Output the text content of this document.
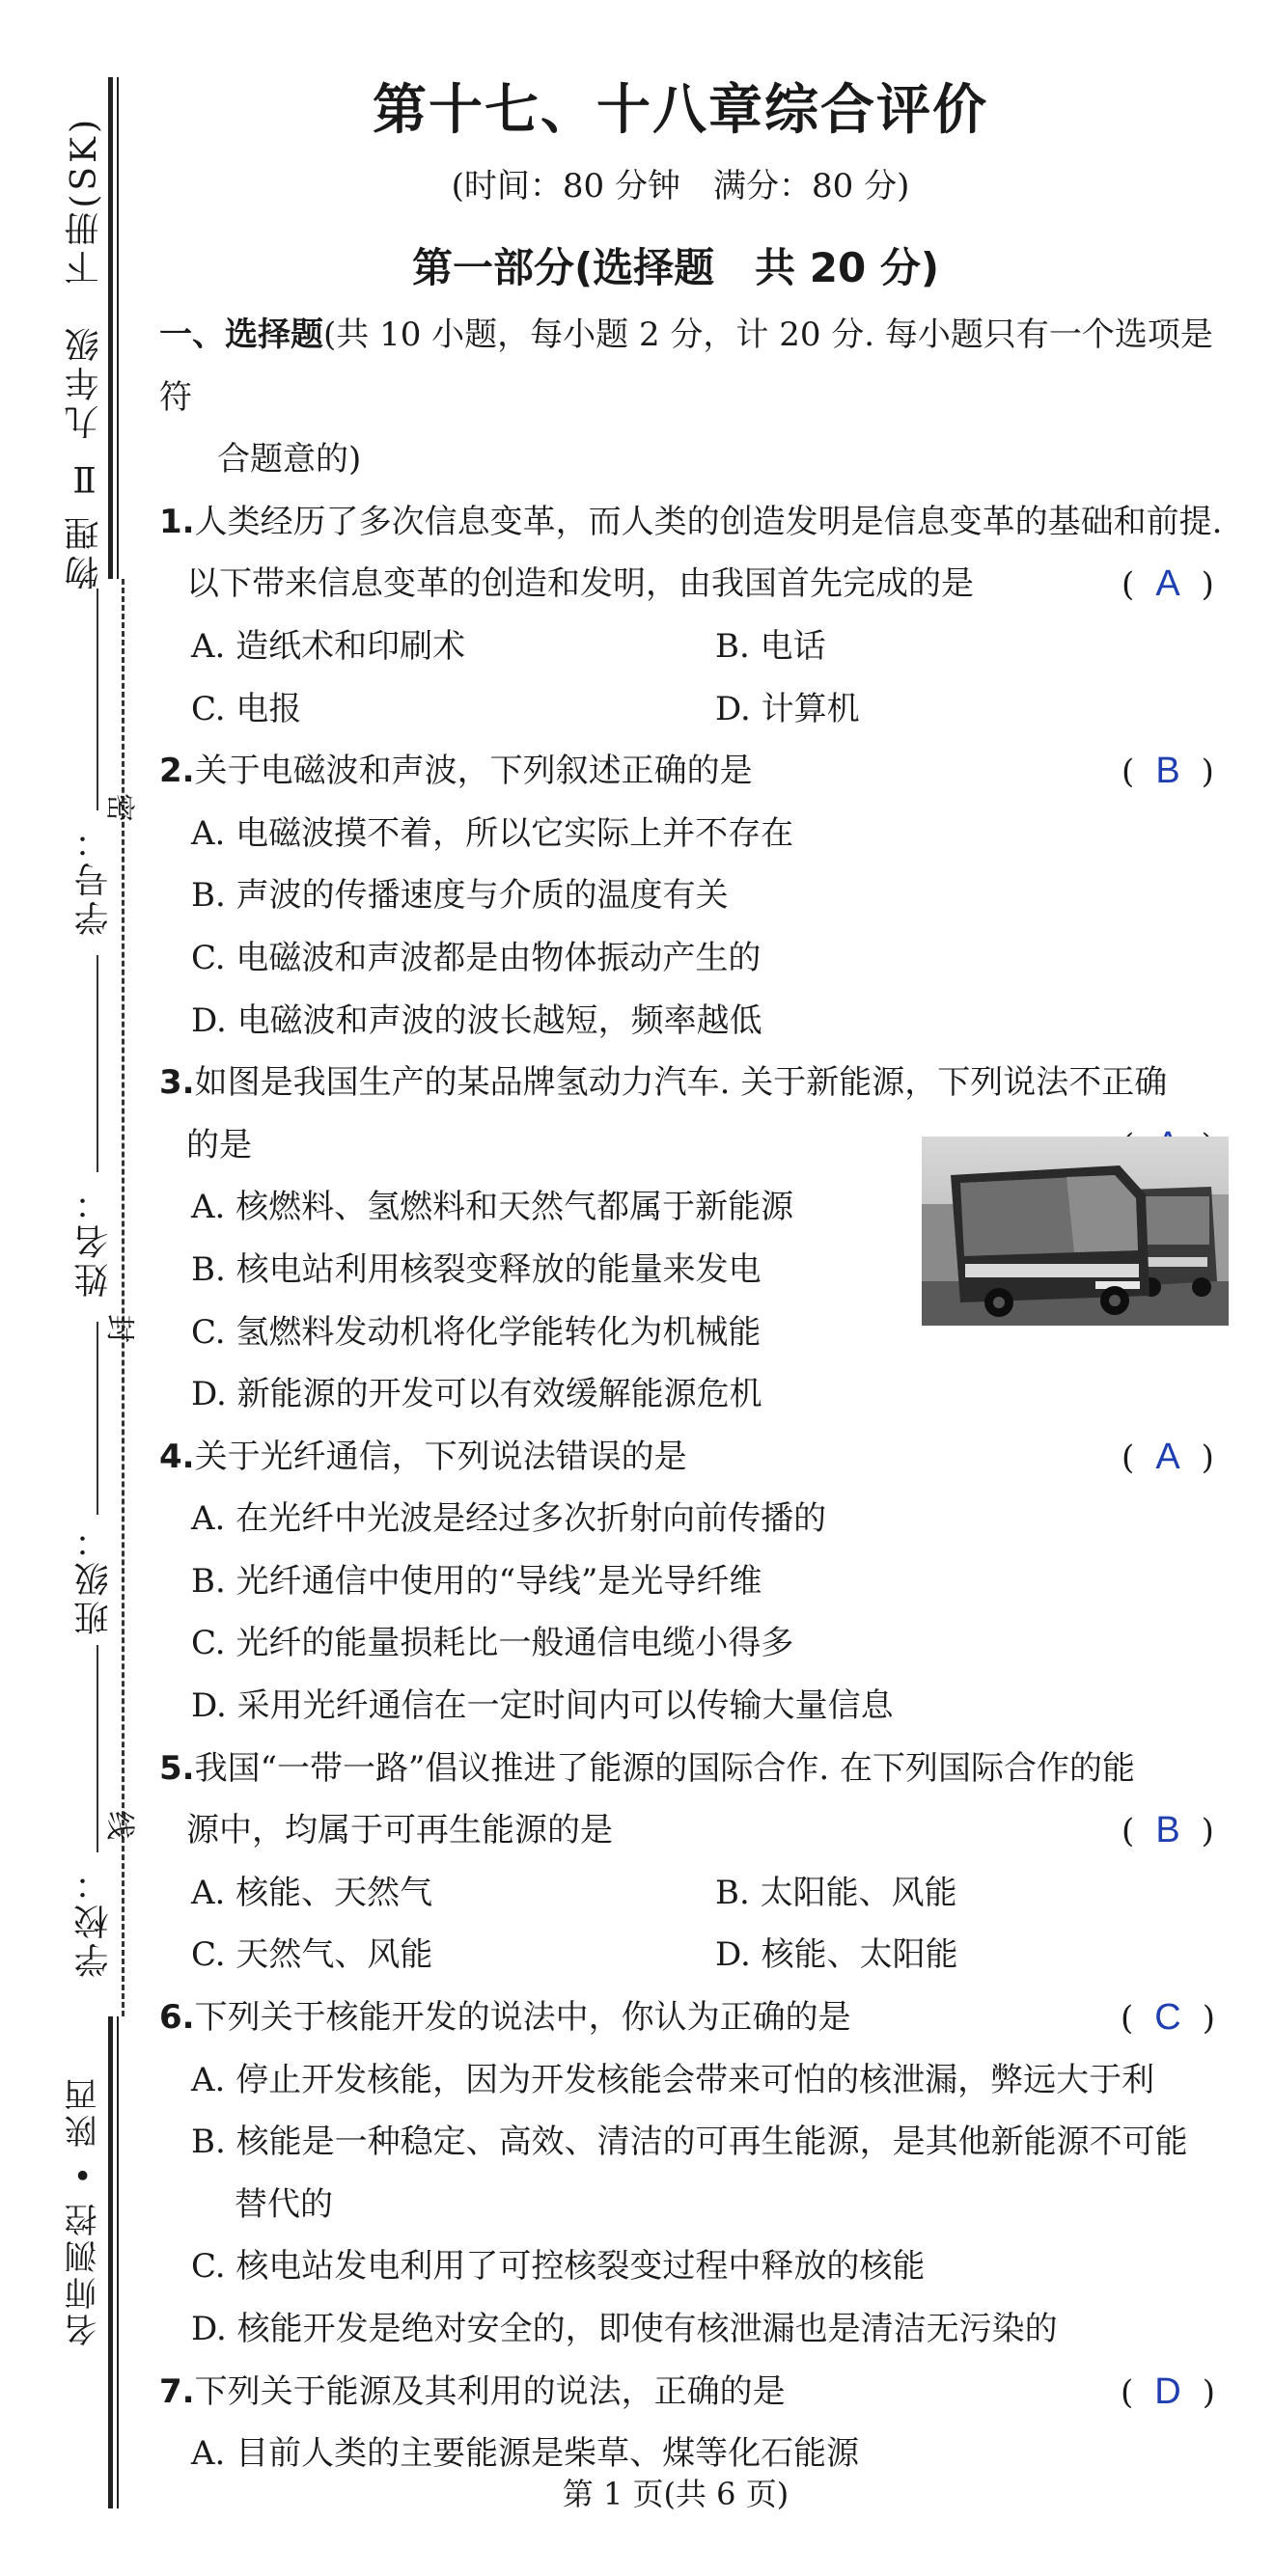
物理 Ⅱ 九年级　下册(SK)
学号：
密
姓名：
封
班级：
线
学校：
名师测控 • 陕西
第十七、十八章综合评价
(时间：80 分钟　满分：80 分)
第一部分(选择题　共 20 分)
一、选择题(共 10 小题，每小题 2 分，计 20 分. 每小题只有一个选项是符
合题意的)
1.人类经历了多次信息变革，而人类的创造发明是信息变革的基础和前提.
以下带来信息变革的创造和发明，由我国首先完成的是	( A )
A. 造纸术和印刷术	B. 电话
C. 电报	D. 计算机
2.关于电磁波和声波，下列叙述正确的是	( B )
A. 电磁波摸不着，所以它实际上并不存在
B. 声波的传播速度与介质的温度有关
C. 电磁波和声波都是由物体振动产生的
D. 电磁波和声波的波长越短，频率越低
3.如图是我国生产的某品牌氢动力汽车. 关于新能源，下列说法不正确
的是
A. 核燃料、氢燃料和天然气都属于新能源
B. 核电站利用核裂变释放的能量来发电
C. 氢燃料发动机将化学能转化为机械能
D. 新能源的开发可以有效缓解能源危机
4.关于光纤通信，下列说法错误的是	( A )
A. 在光纤中光波是经过多次折射向前传播的
B. 光纤通信中使用的“导线”是光导纤维
C. 光纤的能量损耗比一般通信电缆小得多
D. 采用光纤通信在一定时间内可以传输大量信息
5.我国“一带一路”倡议推进了能源的国际合作. 在下列国际合作的能
源中，均属于可再生能源的是	( B )
A. 核能、天然气	B. 太阳能、风能
C. 天然气、风能	D. 核能、太阳能
6.下列关于核能开发的说法中，你认为正确的是	( C )
A. 停止开发核能，因为开发核能会带来可怕的核泄漏，弊远大于利
B. 核能是一种稳定、高效、清洁的可再生能源，是其他新能源不可能
替代的
C. 核电站发电利用了可控核裂变过程中释放的核能
D. 核能开发是绝对安全的，即使有核泄漏也是清洁无污染的
7.下列关于能源及其利用的说法，正确的是	( D )
A. 目前人类的主要能源是柴草、煤等化石能源
第 1 页(共 6 页)
